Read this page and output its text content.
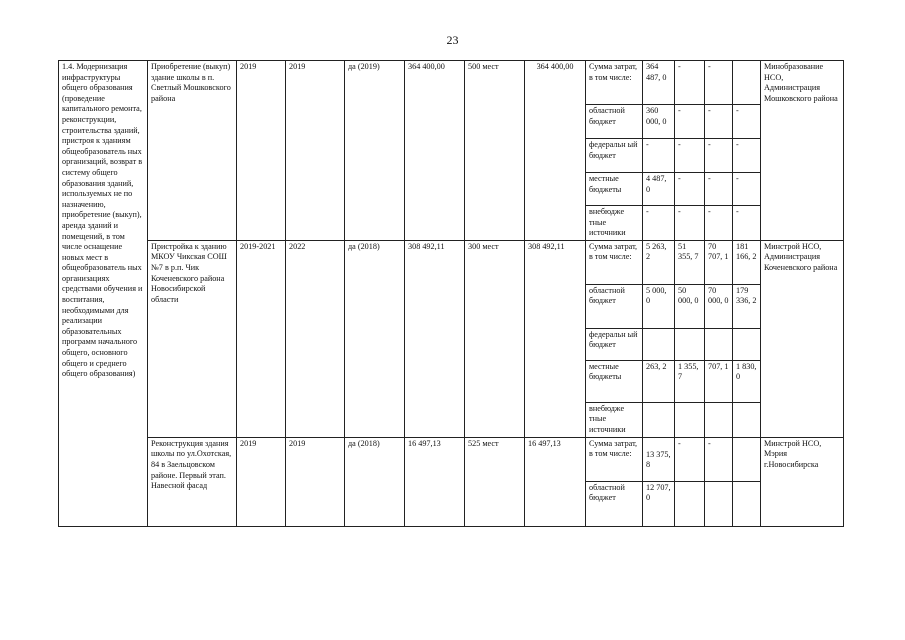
23
1.4. Модернизация инфраструктуры общего образования (проведение капитального ремонта, реконструкции, строительства зданий, пристроя к зданиям общеобразователь ных организаций, возврат в систему общего образования зданий, используемых не по назначению, приобретение (выкуп), аренда зданий и помещений, в том числе оснащение новых мест в общеобразователь ных организациях средствами обучения и воспитания, необходимыми для реализации образовательных программ начального общего, основного общего и среднего общего образования)	Приобретение (выкуп) здание школы в п. Светлый Мошковского района	2019	2019	да (2019)	364 400,00	500 мест	364 400,00	Сумма затрат, в том числе:	364 487, 0	-	-		Минобразование НСО, Администрация Мошковского района
								областной бюджет	360 000, 0	-	-	-	
								федеральн ый бюджет	-	-	-	-	
								местные бюджеты	4 487, 0	-	-	-	
								внебюдже тные источники	-	-	-	-	
	Пристройка к зданию МКОУ Чикская СОШ №7 в р.п. Чик Коченевского района Новосибирской области	2019-2021	2022	да (2018)	308 492,11	300 мест	308 492,11	Сумма затрат, в том числе:	5 263, 2	51 355, 7	70 707, 1	181 166, 2	Минстрой НСО, Администрация Коченевского района
								областной бюджет	5 000, 0	50 000, 0	70 000, 0	179 336, 2	
								федеральн ый бюджет					
								местные бюджеты	263, 2	1 355, 7	707, 1	1 830, 0	
								внебюдже тные источники					
	Реконструкция здания школы по ул.Охотская, 84 в Заельцовском районе. Первый этап. Навесной фасад	2019	2019	да (2018)	16 497,13	525 мест	16 497,13	Сумма затрат, в том числе:	13 375, 8	-	-		Минстрой НСО, Мэрия г.Новосибирска
								областной бюджет	12 707, 0				
